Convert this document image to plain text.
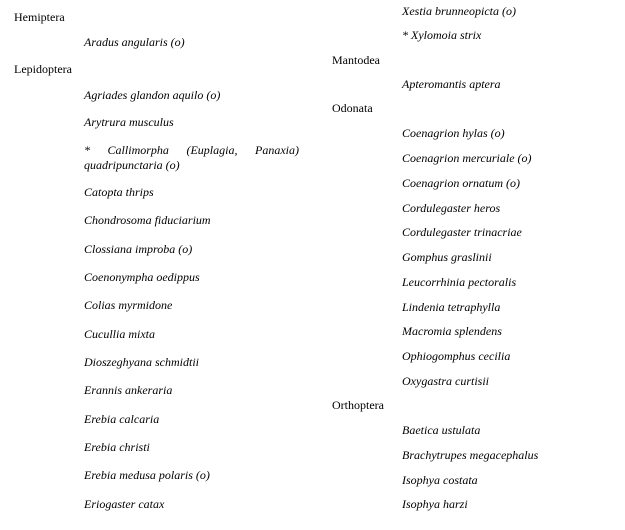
Hemiptera
Aradus angularis (o)
Lepidoptera
Agriades glandon aquilo (o)
Arytrura musculus
* Callimorpha (Euplagia, Panaxia)
quadripunctaria (o)
Catopta thrips
Chondrosoma fiduciarium
Clossiana improba (o)
Coenonympha oedippus
Colias myrmidone
Cucullia mixta
Dioszeghyana schmidtii
Erannis ankeraria
Erebia calcaria
Erebia christi
Erebia medusa polaris (o)
Eriogaster catax
Xestia brunneopicta (o)
* Xylomoia strix
Mantodea
Apteromantis aptera
Odonata
Coenagrion hylas (o)
Coenagrion mercuriale (o)
Coenagrion ornatum (o)
Cordulegaster heros
Cordulegaster trinacriae
Gomphus graslinii
Leucorrhinia pectoralis
Lindenia tetraphylla
Macromia splendens
Ophiogomphus cecilia
Oxygastra curtisii
Orthoptera
Baetica ustulata
Brachytrupes megacephalus
Isophya costata
Isophya harzi
